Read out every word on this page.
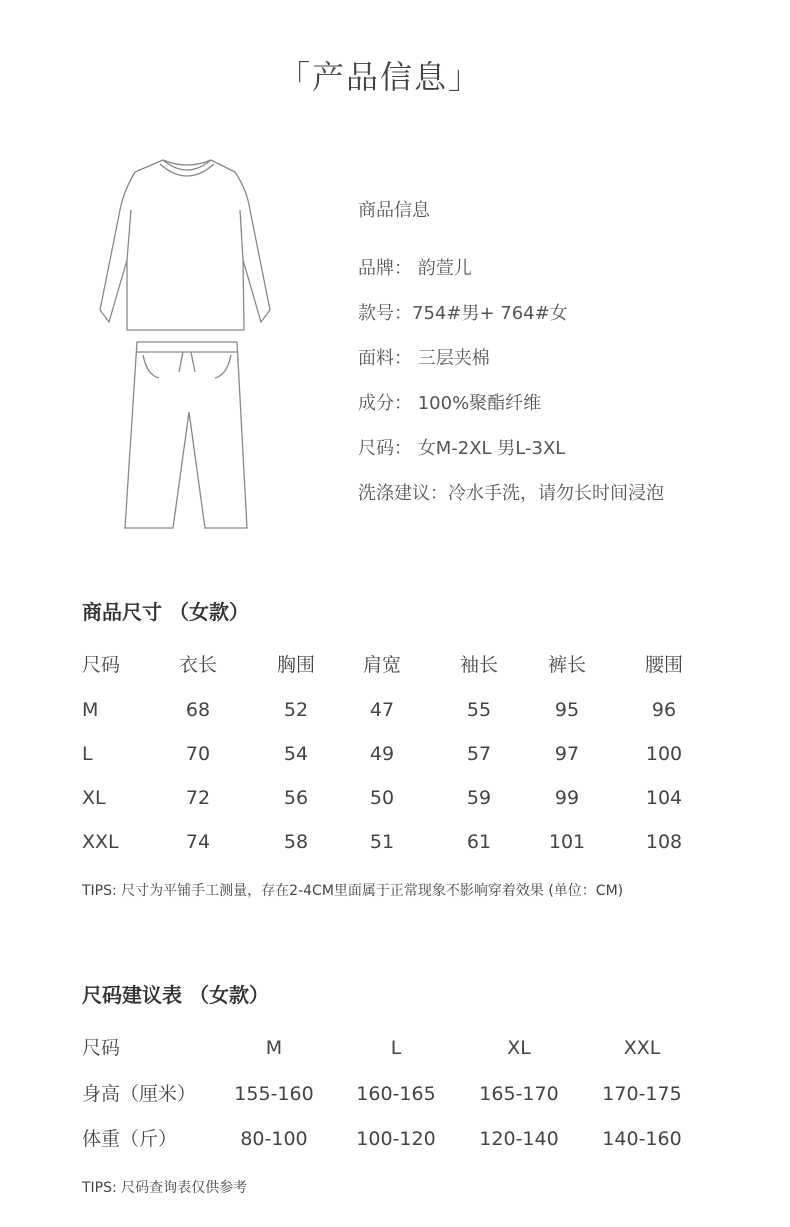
「产品信息」
商品信息
品牌： 韵萱儿
款号：754#男+ 764#女
面料： 三层夹棉
成分： 100%聚酯纤维
尺码： 女M-2XL 男L-3XL
洗涤建议：冷水手洗，请勿长时间浸泡
商品尺寸 （女款）
尺码	衣长	胸围	肩宽	袖长	裤长	腰围
M	68	52	47	55	95	96
L	70	54	49	57	97	100
XL	72	56	50	59	99	104
XXL	74	58	51	61	101	108
TIPS: 尺寸为平铺手工测量，存在2-4CM里面属于正常现象不影响穿着效果 (单位：CM)
尺码建议表 （女款）
尺码	M	L	XL	XXL
身高（厘米） 155-160 160-165 165-170 170-175
体重（斤）	80-100	100-120 120-140 140-160
TIPS: 尺码查询表仅供参考
